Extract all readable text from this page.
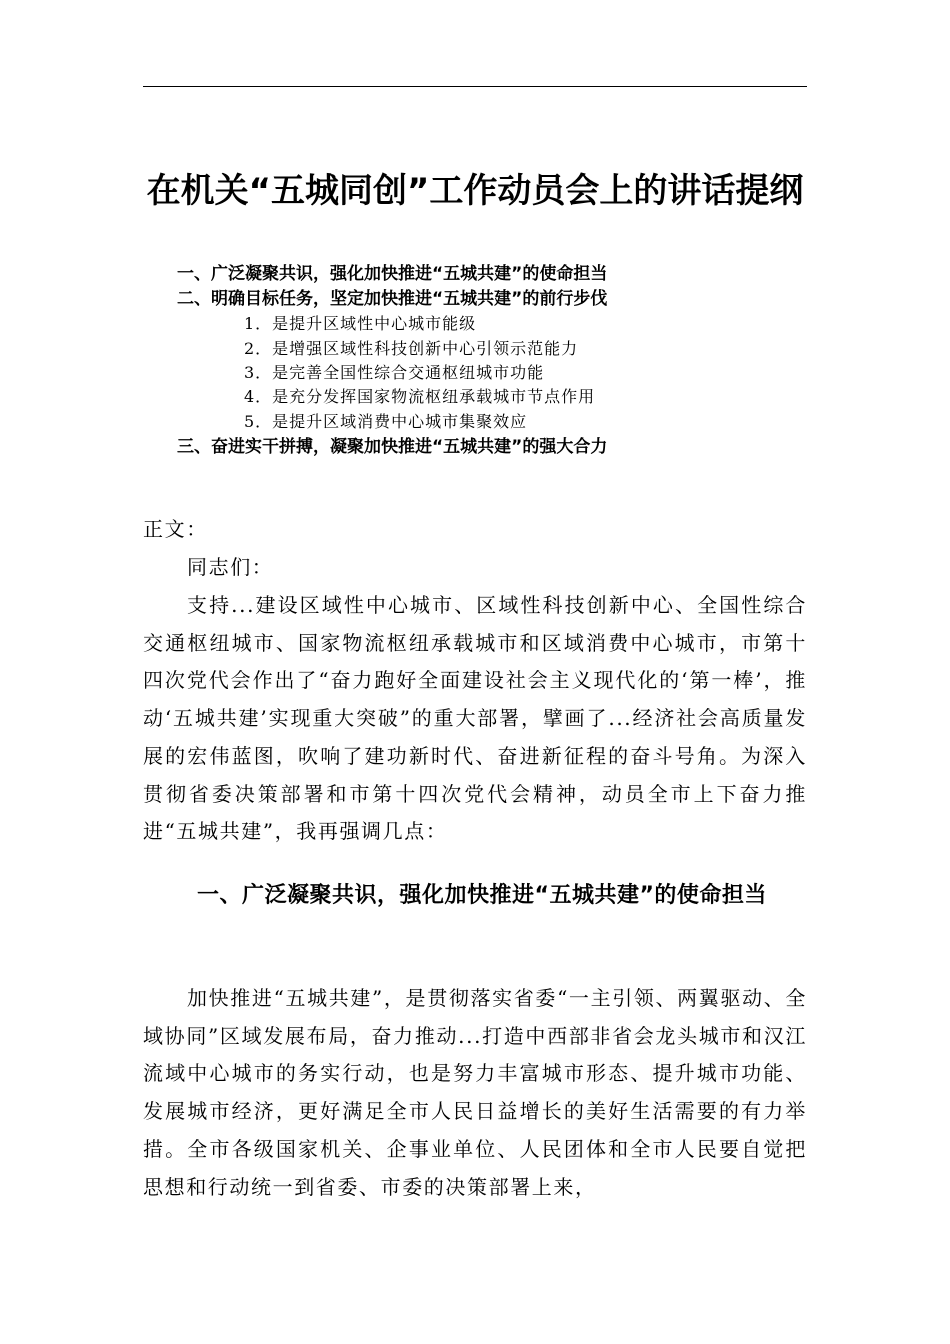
在机关“五城同创”工作动员会上的讲话提纲
一、广泛凝聚共识，强化加快推进“五城共建”的使命担当
二、明确目标任务，坚定加快推进“五城共建”的前行步伐
1．是提升区域性中心城市能级
2．是增强区域性科技创新中心引领示范能力
3．是完善全国性综合交通枢纽城市功能
4．是充分发挥国家物流枢纽承载城市节点作用
5．是提升区域消费中心城市集聚效应
三、奋进实干拼搏，凝聚加快推进“五城共建”的强大合力
正文：
同志们：
支持...建设区域性中心城市、区域性科技创新中心、全国性综合交通枢纽城市、国家物流枢纽承载城市和区域消费中心城市，市第十四次党代会作出了“奋力跑好全面建设社会主义现代化的‘第一棒’，推动‘五城共建’实现重大突破”的重大部署，擘画了...经济社会高质量发展的宏伟蓝图，吹响了建功新时代、奋进新征程的奋斗号角。为深入贯彻省委决策部署和市第十四次党代会精神，动员全市上下奋力推进“五城共建”，我再强调几点：
一、广泛凝聚共识，强化加快推进“五城共建”的使命担当
加快推进“五城共建”，是贯彻落实省委“一主引领、两翼驱动、全域协同”区域发展布局，奋力推动...打造中西部非省会龙头城市和汉江流域中心城市的务实行动，也是努力丰富城市形态、提升城市功能、发展城市经济，更好满足全市人民日益增长的美好生活需要的有力举措。全市各级国家机关、企事业单位、人民团体和全市人民要自觉把思想和行动统一到省委、市委的决策部署上来，
